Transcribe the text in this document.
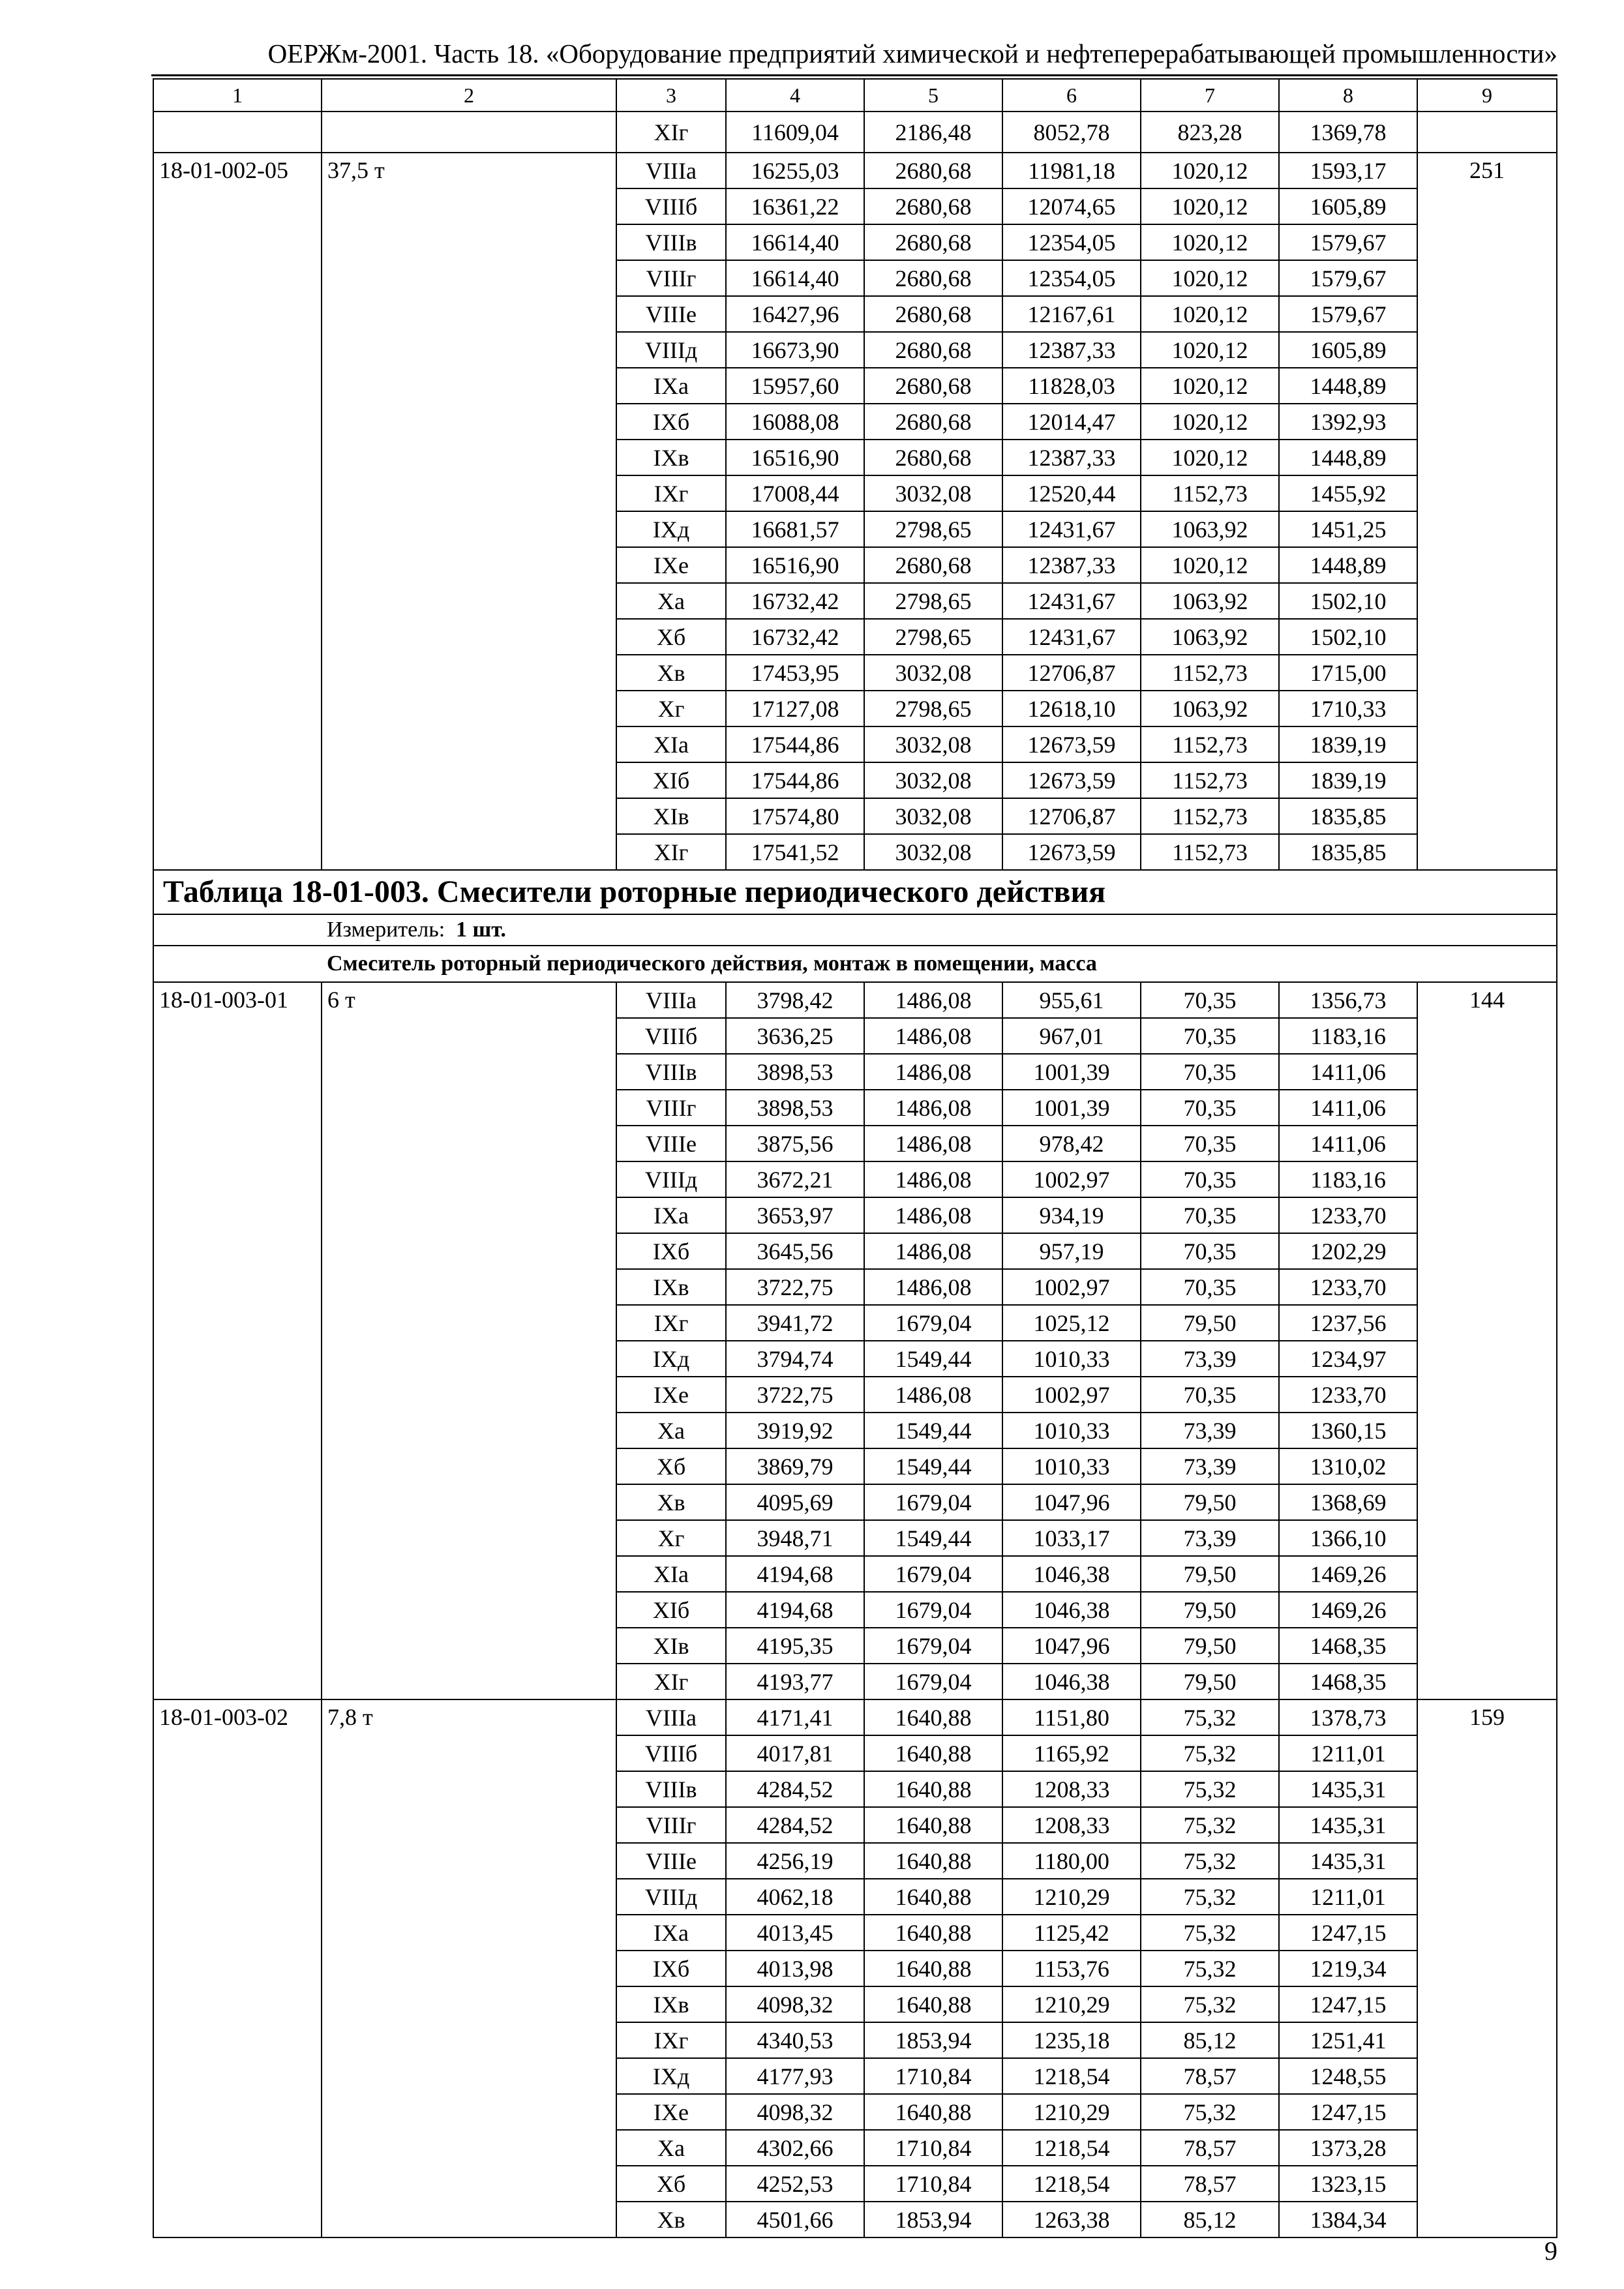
ОЕРЖм-2001. Часть 18. «Оборудование предприятий химической и нефтеперерабатывающей промышленности»
1	2	3	4	5	6	7	8	9
		XIг	11609,04	2186,48	8052,78	823,28	1369,78	
18-01-002-05	37,5 т	VIIIа	16255,03	2680,68	11981,18	1020,12	1593,17	251
		VIIIб	16361,22	2680,68	12074,65	1020,12	1605,89	
		VIIIв	16614,40	2680,68	12354,05	1020,12	1579,67	
		VIIIг	16614,40	2680,68	12354,05	1020,12	1579,67	
		VIIIе	16427,96	2680,68	12167,61	1020,12	1579,67	
		VIIIд	16673,90	2680,68	12387,33	1020,12	1605,89	
		IXа	15957,60	2680,68	11828,03	1020,12	1448,89	
		IXб	16088,08	2680,68	12014,47	1020,12	1392,93	
		IXв	16516,90	2680,68	12387,33	1020,12	1448,89	
		IXг	17008,44	3032,08	12520,44	1152,73	1455,92	
		IXд	16681,57	2798,65	12431,67	1063,92	1451,25	
		IXе	16516,90	2680,68	12387,33	1020,12	1448,89	
		Xа	16732,42	2798,65	12431,67	1063,92	1502,10	
		Xб	16732,42	2798,65	12431,67	1063,92	1502,10	
		Xв	17453,95	3032,08	12706,87	1152,73	1715,00	
		Xг	17127,08	2798,65	12618,10	1063,92	1710,33	
		XIа	17544,86	3032,08	12673,59	1152,73	1839,19	
		XIб	17544,86	3032,08	12673,59	1152,73	1839,19	
		XIв	17574,80	3032,08	12706,87	1152,73	1835,85	
		XIг	17541,52	3032,08	12673,59	1152,73	1835,85	
Таблица 18-01-003. Смесители роторные периодического действия								
	Измеритель: 1 шт.							
	Смеситель роторный периодического действия, монтаж в помещении, масса							
18-01-003-01	6 т	VIIIа	3798,42	1486,08	955,61	70,35	1356,73	144
		VIIIб	3636,25	1486,08	967,01	70,35	1183,16	
		VIIIв	3898,53	1486,08	1001,39	70,35	1411,06	
		VIIIг	3898,53	1486,08	1001,39	70,35	1411,06	
		VIIIе	3875,56	1486,08	978,42	70,35	1411,06	
		VIIIд	3672,21	1486,08	1002,97	70,35	1183,16	
		IXа	3653,97	1486,08	934,19	70,35	1233,70	
		IXб	3645,56	1486,08	957,19	70,35	1202,29	
		IXв	3722,75	1486,08	1002,97	70,35	1233,70	
		IXг	3941,72	1679,04	1025,12	79,50	1237,56	
		IXд	3794,74	1549,44	1010,33	73,39	1234,97	
		IXе	3722,75	1486,08	1002,97	70,35	1233,70	
		Xа	3919,92	1549,44	1010,33	73,39	1360,15	
		Xб	3869,79	1549,44	1010,33	73,39	1310,02	
		Xв	4095,69	1679,04	1047,96	79,50	1368,69	
		Xг	3948,71	1549,44	1033,17	73,39	1366,10	
		XIа	4194,68	1679,04	1046,38	79,50	1469,26	
		XIб	4194,68	1679,04	1046,38	79,50	1469,26	
		XIв	4195,35	1679,04	1047,96	79,50	1468,35	
		XIг	4193,77	1679,04	1046,38	79,50	1468,35	
18-01-003-02	7,8 т	VIIIа	4171,41	1640,88	1151,80	75,32	1378,73	159
		VIIIб	4017,81	1640,88	1165,92	75,32	1211,01	
		VIIIв	4284,52	1640,88	1208,33	75,32	1435,31	
		VIIIг	4284,52	1640,88	1208,33	75,32	1435,31	
		VIIIе	4256,19	1640,88	1180,00	75,32	1435,31	
		VIIIд	4062,18	1640,88	1210,29	75,32	1211,01	
		IXа	4013,45	1640,88	1125,42	75,32	1247,15	
		IXб	4013,98	1640,88	1153,76	75,32	1219,34	
		IXв	4098,32	1640,88	1210,29	75,32	1247,15	
		IXг	4340,53	1853,94	1235,18	85,12	1251,41	
		IXд	4177,93	1710,84	1218,54	78,57	1248,55	
		IXе	4098,32	1640,88	1210,29	75,32	1247,15	
		Xа	4302,66	1710,84	1218,54	78,57	1373,28	
		Xб	4252,53	1710,84	1218,54	78,57	1323,15	
		Xв	4501,66	1853,94	1263,38	85,12	1384,34	
9
